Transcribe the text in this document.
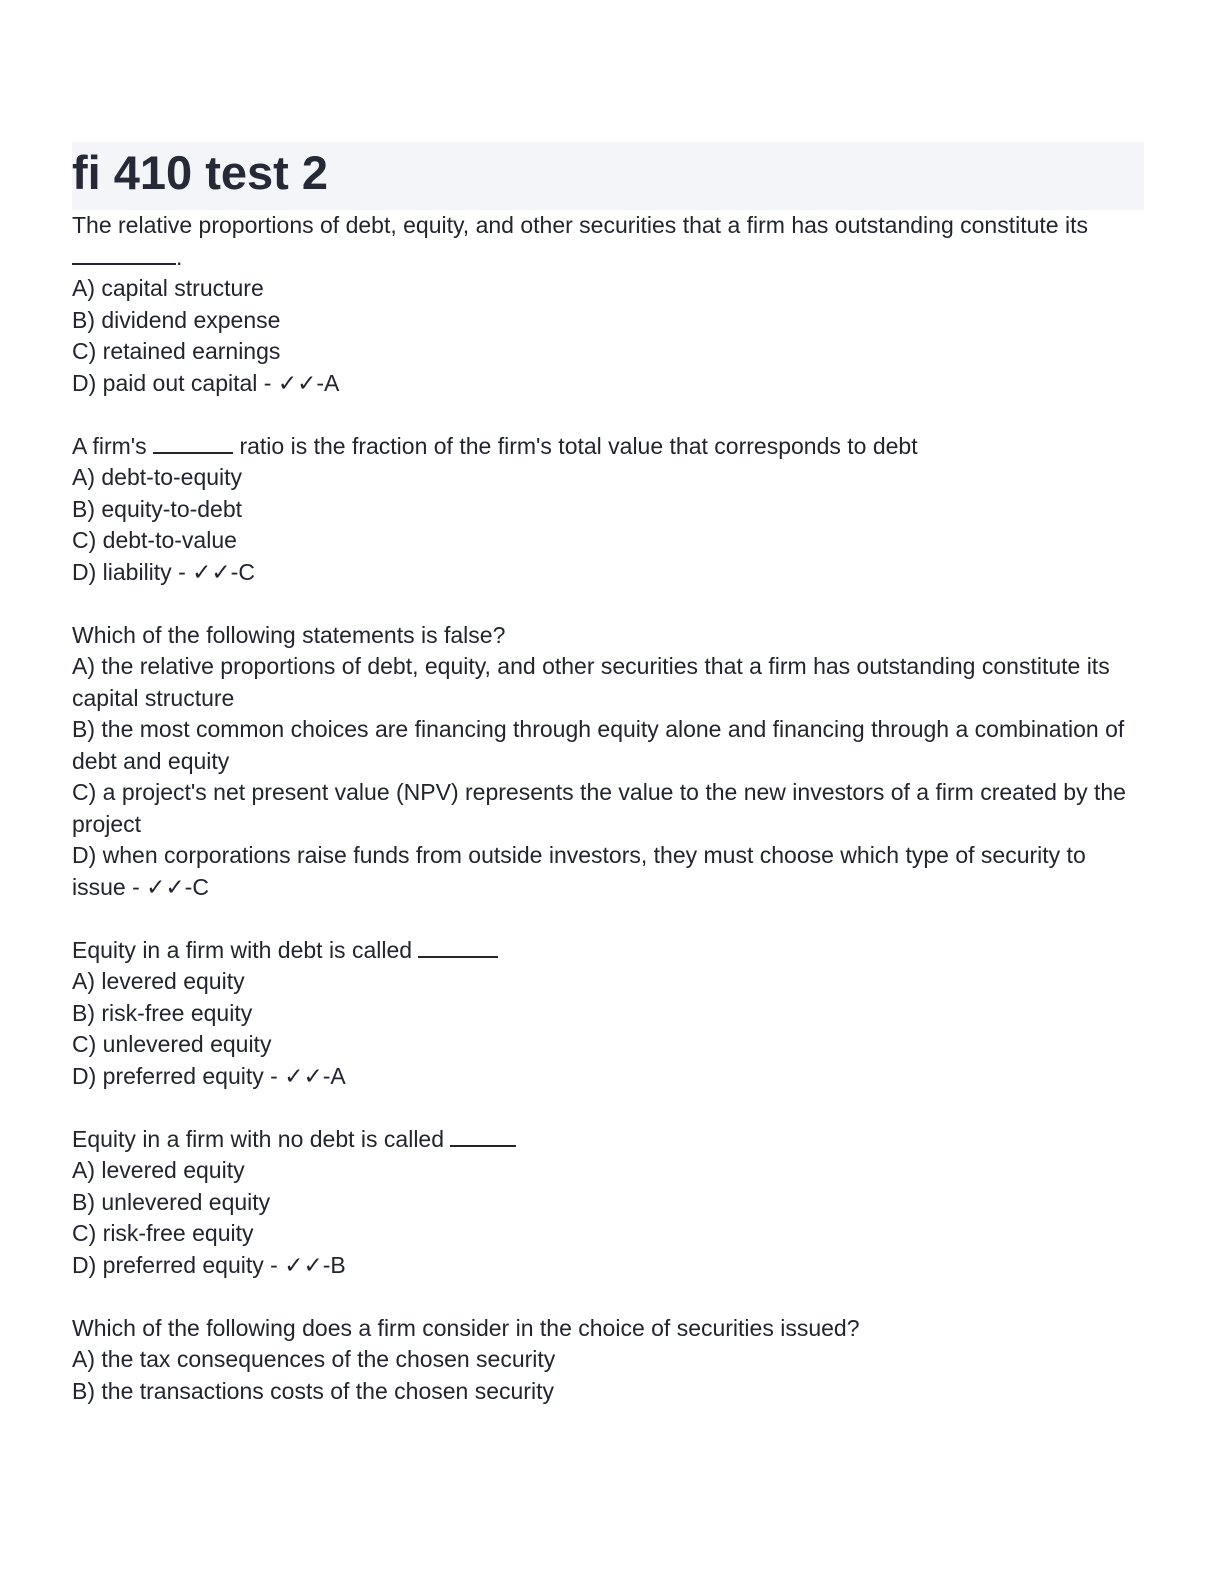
fi 410 test 2
The relative proportions of debt, equity, and other securities that a firm has outstanding constitute its
.
A) capital structure
B) dividend expense
C) retained earnings
D) paid out capital - ✓✓-A
A firm's	ratio is the fraction of the firm's total value that corresponds to debt
A) debt-to-equity
B) equity-to-debt
C) debt-to-value
D) liability - ✓✓-C
Which of the following statements is false?
A) the relative proportions of debt, equity, and other securities that a firm has outstanding constitute its capital structure
B) the most common choices are financing through equity alone and financing through a combination of debt and equity
C) a project's net present value (NPV) represents the value to the new investors of a firm created by the project
D) when corporations raise funds from outside investors, they must choose which type of security to issue - ✓✓-C
Equity in a firm with debt is called
A) levered equity
B) risk-free equity
C) unlevered equity
D) preferred equity - ✓✓-A
Equity in a firm with no debt is called
A) levered equity
B) unlevered equity
C) risk-free equity
D) preferred equity - ✓✓-B
Which of the following does a firm consider in the choice of securities issued?
A) the tax consequences of the chosen security
B) the transactions costs of the chosen security
